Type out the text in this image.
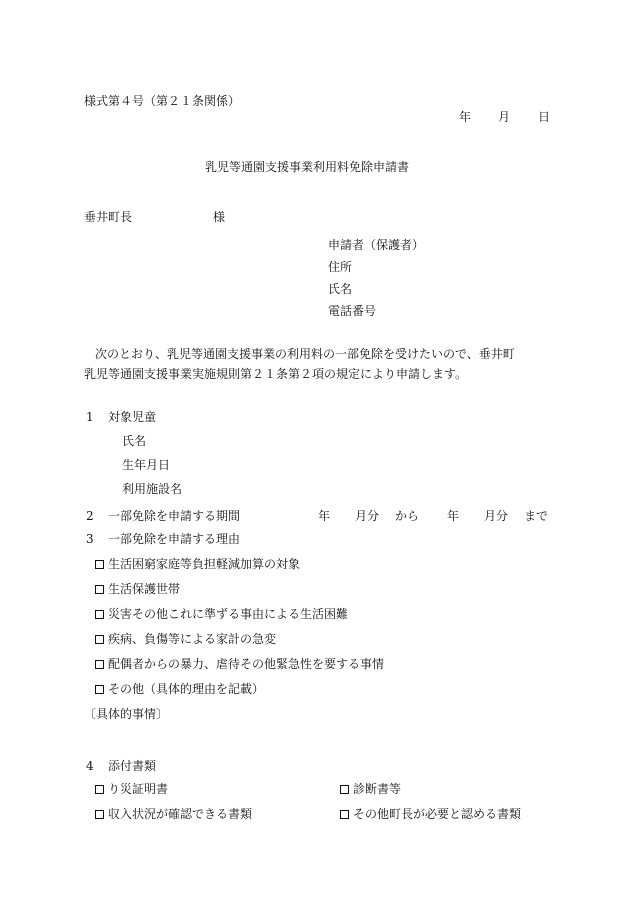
様式第４号（第２１条関係）
年 月 日
乳児等通園支援事業利用料免除申請書
垂井町長	様
申請者（保護者）
住所
氏名
電話番号
次のとおり、乳児等通園支援事業の利用料の一部免除を受けたいので、垂井町
乳児等通園支援事業実施規則第２１条第２項の規定により申請します。
1 対象児童
氏名
生年月日
利用施設名
2 一部免除を申請する期間	年 月分 から 年 月分 まで
3 一部免除を申請する理由
生活困窮家庭等負担軽減加算の対象
生活保護世帯
災害その他これに準ずる事由による生活困難
疾病、負傷等による家計の急変
配偶者からの暴力、虐待その他緊急性を要する事情
その他（具体的理由を記載）
〔具体的事情〕
4 添付書類
り災証明書	診断書等
収入状況が確認できる書類	その他町長が必要と認める書類
